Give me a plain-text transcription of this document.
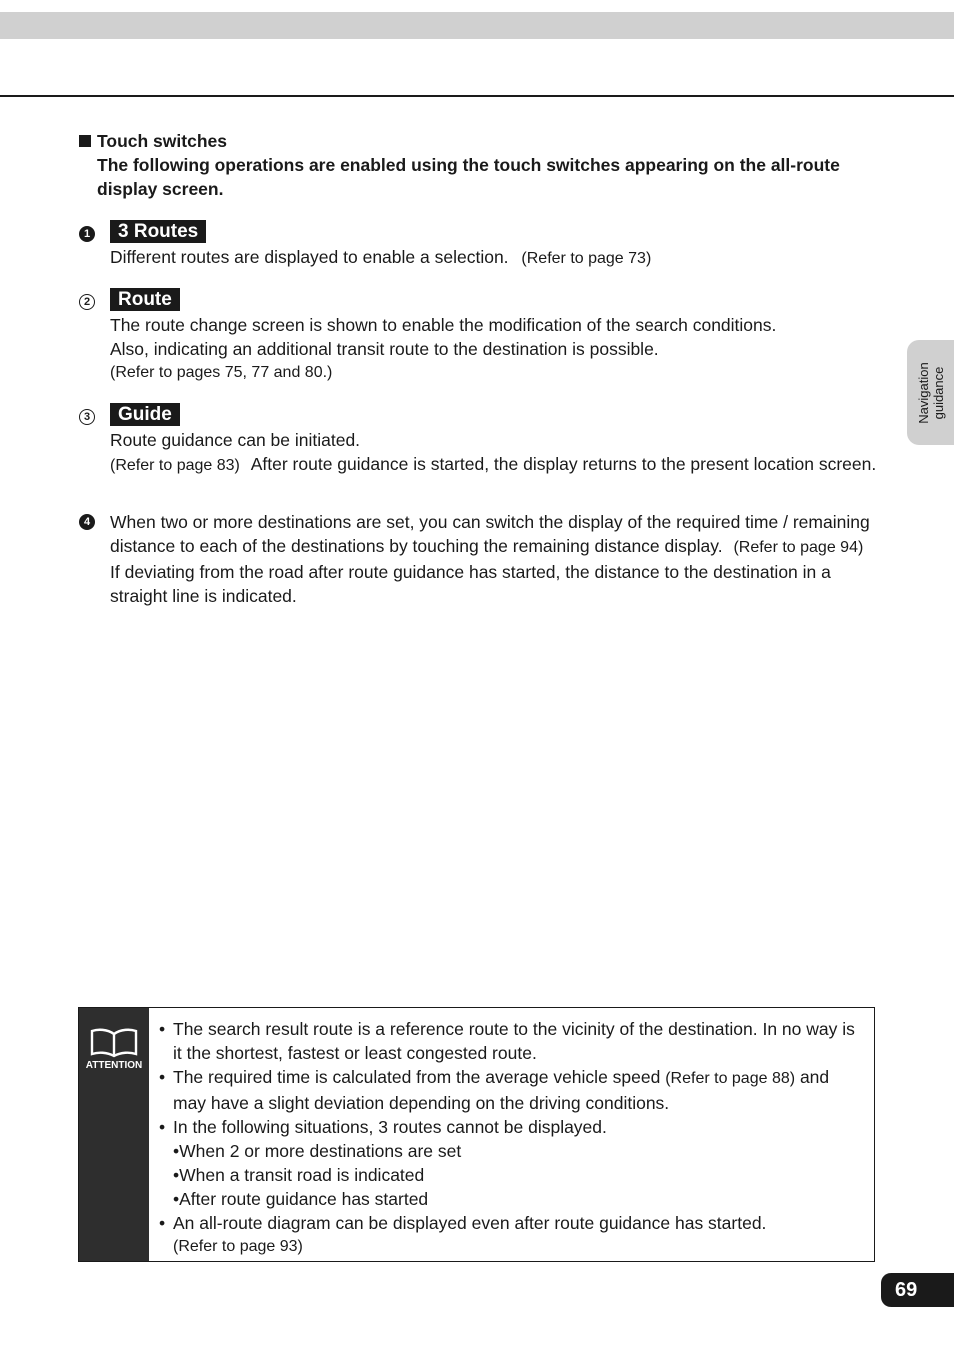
Touch switches
The following operations are enabled using the touch switches appearing on the all-route display screen.
1	3 Routes
Different routes are displayed to enable a selection. (Refer to page 73)
2	Route
The route change screen is shown to enable the modification of the search conditions.
Also, indicating an additional transit route to the destination is possible.
(Refer to pages 75, 77 and 80.)
3	Guide
Route guidance can be initiated.
(Refer to page 83) After route guidance is started, the display returns to the present location screen.
4 When two or more destinations are set, you can switch the display of the required time / remaining distance to each of the destinations by touching the remaining distance display. (Refer to page 94)
If deviating from the road after route guidance has started, the distance to the destination in a straight line is indicated.
Navigation guidance
ATTENTION
• The search result route is a reference route to the vicinity of the destination. In no way is it the shortest, fastest or least congested route.
• The required time is calculated from the average vehicle speed (Refer to page 88) and may have a slight deviation depending on the driving conditions.
• In the following situations, 3 routes cannot be displayed.
•When 2 or more destinations are set
•When a transit road is indicated
•After route guidance has started
• An all-route diagram can be displayed even after route guidance has started.
(Refer to page 93)
69
